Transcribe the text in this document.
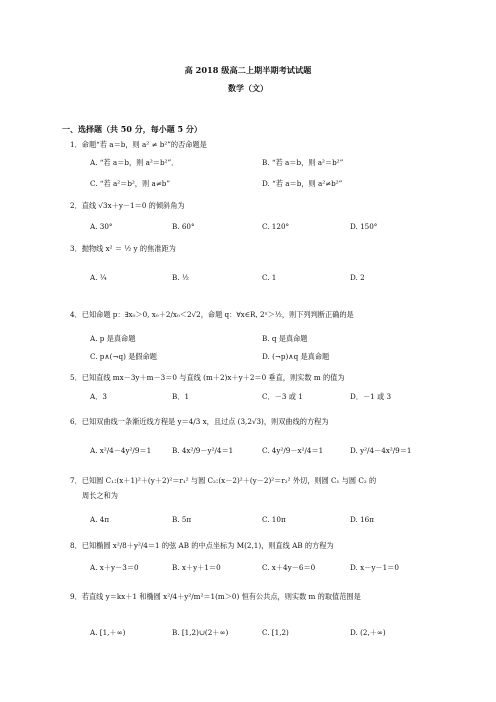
高 2018 级高二上期半期考试试题
数学（文）
一、选择题（共 50 分，每小题 5 分）
1．命题“若 a＝b，则 a² ≠ b²”的否命题是
A. “若 a＝b，则 a²＝b²”．	B. “若 a＝b，则 a²＝b²”
C. “若 a²＝b²，则 a≠b”	D. “若 a＝b，则 a²≠b²”
2．直线 √3x＋y－1＝0 的倾斜角为
A. 30°	B. 60°	C. 120°	D. 150°
3．抛物线 x² ＝ ½ y 的焦准距为
A. ¼	B. ½	C. 1	D. 2
4．已知命题 p：∃x₀＞0, x₀＋2/x₀＜2√2，命题 q：∀x∈R, 2ˣ＞½，则下列判断正确的是
A. p 是真命题	B. q 是真命题
C. p∧(¬q) 是假命题	D. (¬p)∧q 是真命题
5．已知直线 mx－3y＋m－3＝0 与直线 (m＋2)x＋y＋2＝0 垂直，则实数 m 的值为
A．3	B．1	C．－3 或 1	D．－1 或 3
6．已知双曲线一条渐近线方程是 y＝4/3 x，且过点 (3,2√3)，则双曲线的方程为
A. x²/4－4y²/9＝1	B. 4x²/9－y²/4＝1	C. 4y²/9－x²/4＝1	D. y²/4－4x²/9＝1
7．已知圆 C₁:(x＋1)²＋(y＋2)²＝r₁² 与圆 C₂:(x－2)²＋(y－2)²＝r₂² 外切，则圆 C₁ 与圆 C₂ 的
周长之和为
A. 4π	B. 5π	C. 10π	D. 16π
8．已知椭圆 x²/8＋y²/4＝1 的弦 AB 的中点坐标为 M(2,1)，则直线 AB 的方程为
A. x＋y－3＝0	B. x＋y＋1＝0	C. x＋4y－6＝0	D. x－y－1＝0
9．若直线 y＝kx＋1 和椭圆 x²/4＋y²/m²＝1(m＞0) 恒有公共点，则实数 m 的取值范围是
A. [1,＋∞)	B. [1,2)∪(2＋∞)	C. [1,2)	D. (2,＋∞)
